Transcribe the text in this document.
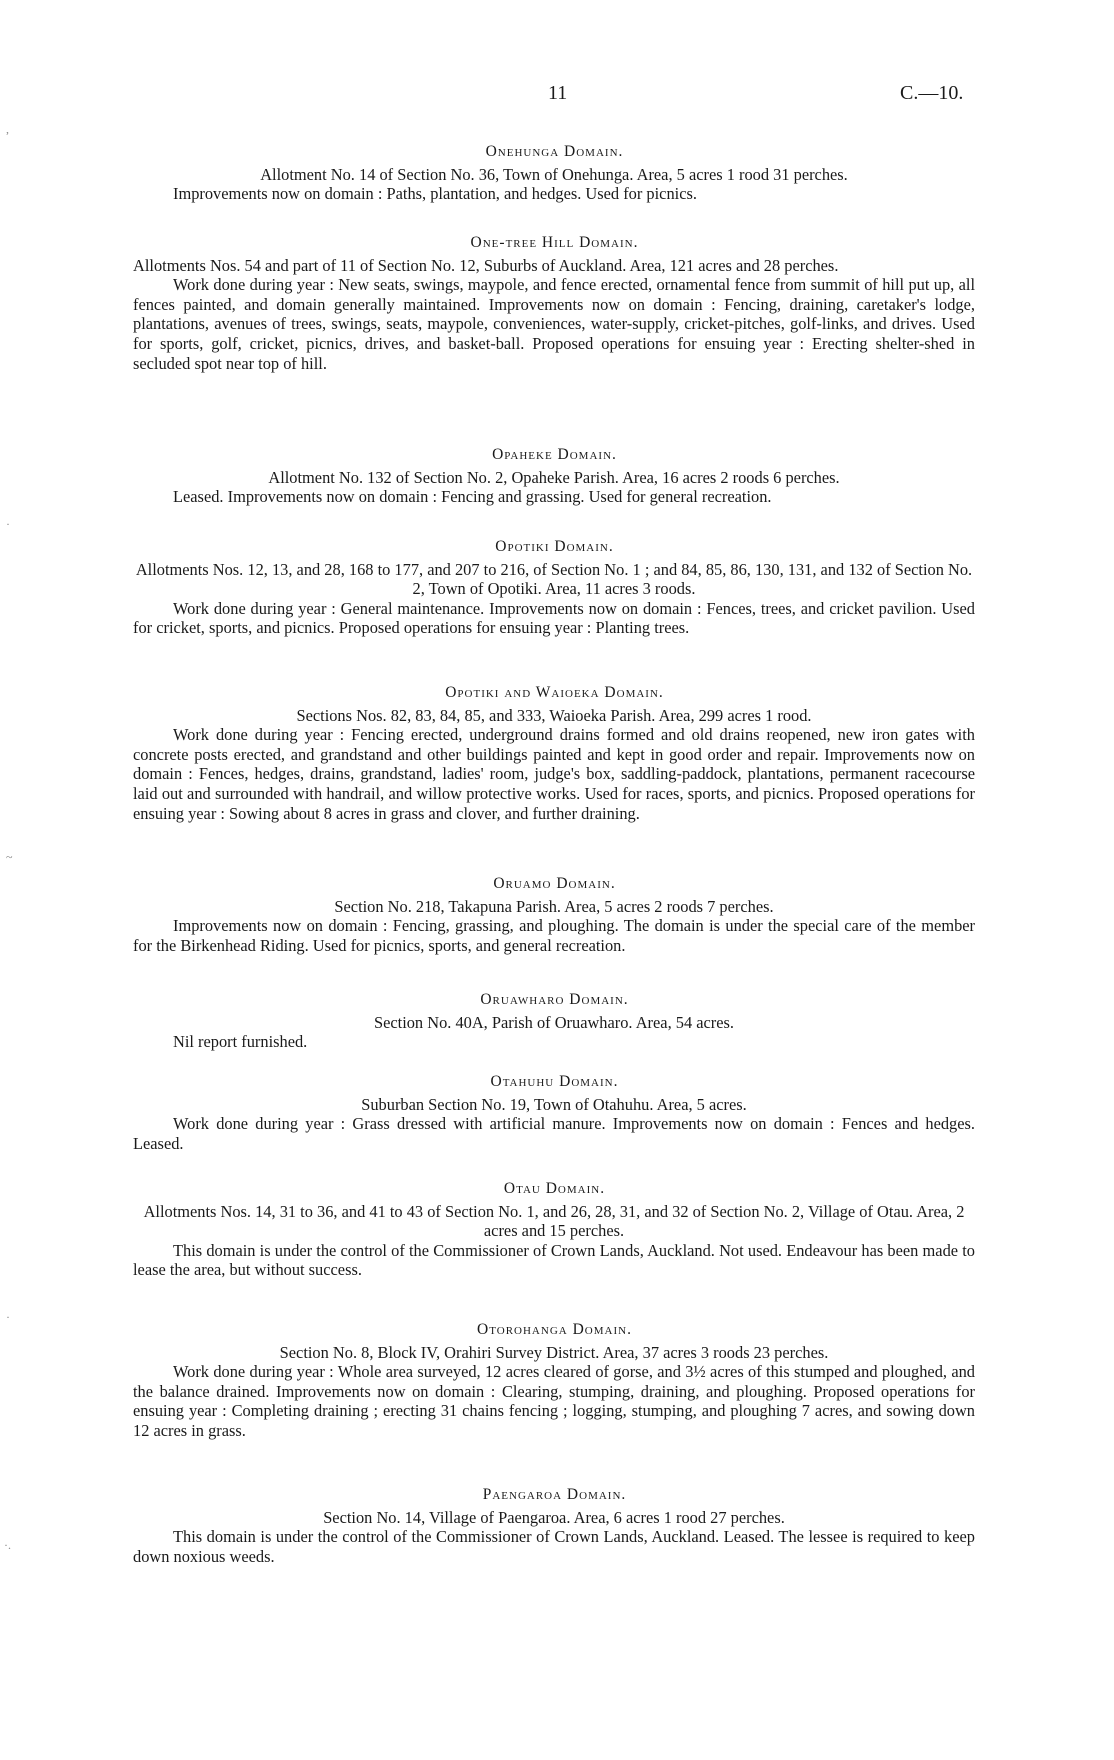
11	C.—10.
,
·
~
·
·.
Onehunga Domain.
Allotment No. 14 of Section No. 36, Town of Onehunga. Area, 5 acres 1 rood 31 perches.
Improvements now on domain : Paths, plantation, and hedges. Used for picnics.
One-tree Hill Domain.
Allotments Nos. 54 and part of 11 of Section No. 12, Suburbs of Auckland. Area, 121 acres and 28 perches.
Work done during year : New seats, swings, maypole, and fence erected, ornamental fence from summit of hill put up, all fences painted, and domain generally maintained. Improvements now on domain : Fencing, draining, caretaker's lodge, plantations, avenues of trees, swings, seats, maypole, conveniences, water-supply, cricket-pitches, golf-links, and drives. Used for sports, golf, cricket, picnics, drives, and basket-ball. Proposed operations for ensuing year : Erecting shelter-shed in secluded spot near top of hill.
Opaheke Domain.
Allotment No. 132 of Section No. 2, Opaheke Parish. Area, 16 acres 2 roods 6 perches.
Leased. Improvements now on domain : Fencing and grassing. Used for general recreation.
Opotiki Domain.
Allotments Nos. 12, 13, and 28, 168 to 177, and 207 to 216, of Section No. 1 ; and 84, 85, 86, 130, 131, and 132 of Section No. 2, Town of Opotiki. Area, 11 acres 3 roods.
Work done during year : General maintenance. Improvements now on domain : Fences, trees, and cricket pavilion. Used for cricket, sports, and picnics. Proposed operations for ensuing year : Planting trees.
Opotiki and Waioeka Domain.
Sections Nos. 82, 83, 84, 85, and 333, Waioeka Parish. Area, 299 acres 1 rood.
Work done during year : Fencing erected, underground drains formed and old drains reopened, new iron gates with concrete posts erected, and grandstand and other buildings painted and kept in good order and repair. Improvements now on domain : Fences, hedges, drains, grandstand, ladies' room, judge's box, saddling-paddock, plantations, permanent racecourse laid out and surrounded with handrail, and willow protective works. Used for races, sports, and picnics. Proposed operations for ensuing year : Sowing about 8 acres in grass and clover, and further draining.
Oruamo Domain.
Section No. 218, Takapuna Parish. Area, 5 acres 2 roods 7 perches.
Improvements now on domain : Fencing, grassing, and ploughing. The domain is under the special care of the member for the Birkenhead Riding. Used for picnics, sports, and general recreation.
Oruawharo Domain.
Section No. 40A, Parish of Oruawharo. Area, 54 acres.
Nil report furnished.
Otahuhu Domain.
Suburban Section No. 19, Town of Otahuhu. Area, 5 acres.
Work done during year : Grass dressed with artificial manure. Improvements now on domain : Fences and hedges. Leased.
Otau Domain.
Allotments Nos. 14, 31 to 36, and 41 to 43 of Section No. 1, and 26, 28, 31, and 32 of Section No. 2, Village of Otau. Area, 2 acres and 15 perches.
This domain is under the control of the Commissioner of Crown Lands, Auckland. Not used. Endeavour has been made to lease the area, but without success.
Otorohanga Domain.
Section No. 8, Block IV, Orahiri Survey District. Area, 37 acres 3 roods 23 perches.
Work done during year : Whole area surveyed, 12 acres cleared of gorse, and 3½ acres of this stumped and ploughed, and the balance drained. Improvements now on domain : Clearing, stumping, draining, and ploughing. Proposed operations for ensuing year : Completing draining ; erecting 31 chains fencing ; logging, stumping, and ploughing 7 acres, and sowing down 12 acres in grass.
Paengaroa Domain.
Section No. 14, Village of Paengaroa. Area, 6 acres 1 rood 27 perches.
This domain is under the control of the Commissioner of Crown Lands, Auckland. Leased. The lessee is required to keep down noxious weeds.
